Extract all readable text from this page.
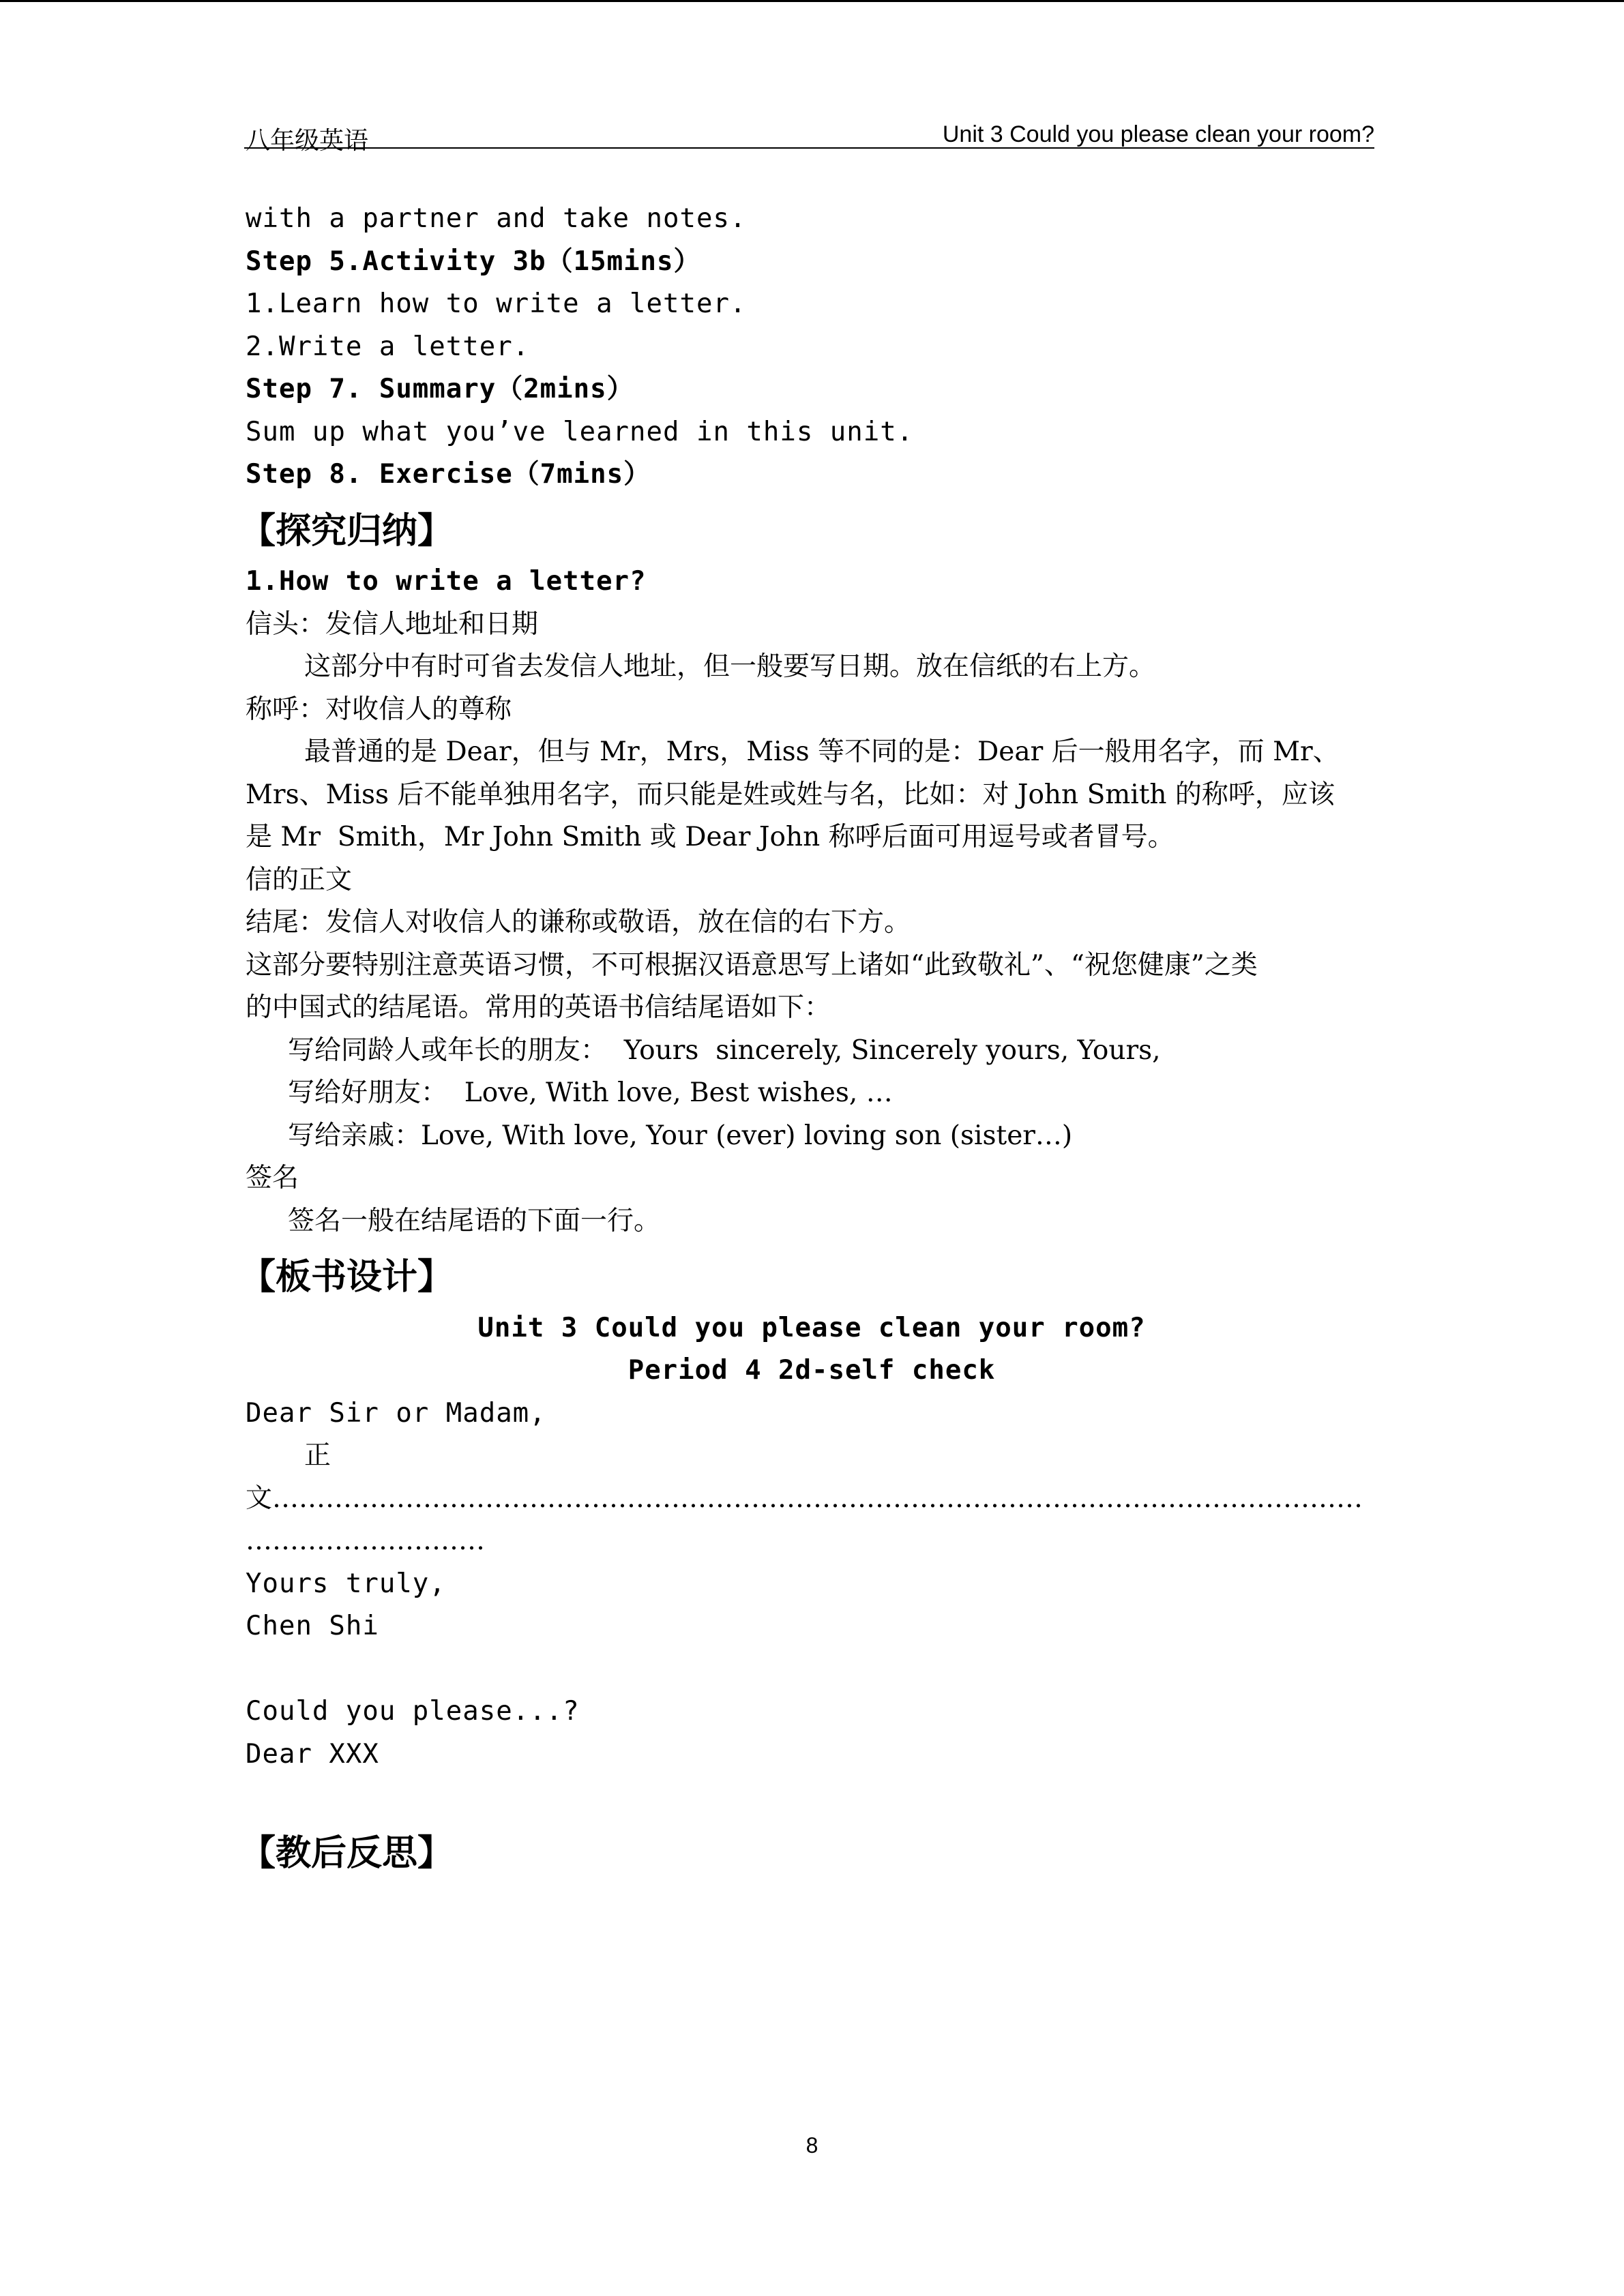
八年级英语	Unit 3 Could you please clean your room?

with a partner and take notes.

Step 5.Activity 3b（15mins）

1.Learn how to write a letter.

2.Write a letter.

Step 7. Summary（2mins）

Sum up what you’ve learned in this unit.

Step 8. Exercise（7mins）

【探究归纳】

1.How to write a letter?

信头：发信人地址和日期

这部分中有时可省去发信人地址，但一般要写日期。放在信纸的右上方。

称呼：对收信人的尊称

最普通的是 Dear，但与 Mr，Mrs，Miss 等不同的是：Dear 后一般用名字，而 Mr、

Mrs、Miss 后不能单独用名字，而只能是姓或姓与名，比如：对 John Smith 的称呼，应该

是 Mr  Smith，Mr John Smith 或 Dear John 称呼后面可用逗号或者冒号。

信的正文

结尾：发信人对收信人的谦称或敬语，放在信的右下方。

这部分要特别注意英语习惯，不可根据汉语意思写上诸如“此致敬礼”、“祝您健康”之类

的中国式的结尾语。常用的英语书信结尾语如下：

写给同龄人或年长的朋友：  Yours  sincerely, Sincerely yours, Yours,

写给好朋友：  Love, With love, Best wishes, …

写给亲戚：Love, With love, Your (ever) loving son (sister…)

签名

签名一般在结尾语的下面一行。

【板书设计】

Unit 3 Could you please clean your room?

Period 4 2d-self check

Dear Sir or Madam,

正

文……………………………………………………………………………………………………………

………………………

Yours truly,

Chen Shi

Could you please...?

Dear XXX

【教后反思】
8
